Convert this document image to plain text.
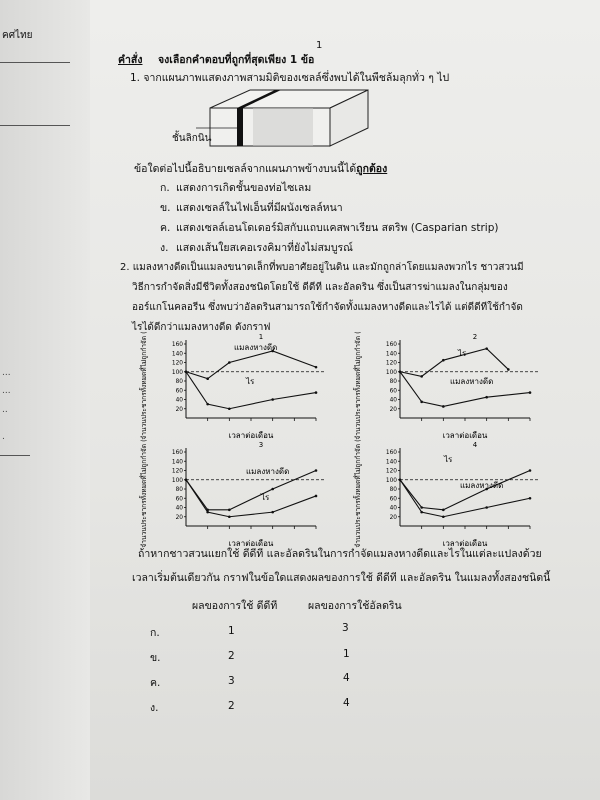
คศไทย
...
...
..
.
1
คำสั่ง จงเลือกคำตอบที่ถูกที่สุดเพียง 1 ข้อ
1. จากแผนภาพแสดงภาพสามมิติของเซลล์ซึ่งพบได้ในพืชล้มลุกทั่ว ๆ ไป
ชั้นลิกนิน
ข้อใดต่อไปนี้อธิบายเซลล์จากแผนภาพข้างบนนี้ได้ถูกต้อง
ก. แสดงการเกิดชั้นของท่อไซเลม
ข. แสดงเซลล์ในไฟเอ็นที่มีผนังเซลล์หนา
ค. แสดงเซลล์เอนโดเดอร์มิสกับแถบแคสพาเรียน สตริพ (Casparian strip)
ง. แสดงเส้นใยสเคอเรงคิมาที่ยังไม่สมบูรณ์
2. แมลงหางดีดเป็นแมลงขนาดเล็กที่พบอาศัยอยู่ในดิน และมักถูกล่าโดยแมลงพวกไร ชาวสวนมี
วิธีการกำจัดสิ่งมีชีวิตทั้งสองชนิดโดยใช้ ดีดีที และอัลดริน ซึ่งเป็นสารฆ่าแมลงในกลุ่มของ
ออร์แกโนคลอรีน ซึ่งพบว่าอัลดรินสามารถใช้กำจัดทั้งแมลงหางดีดและไรได้ แต่ดีดีทีใช้กำจัด
ไรได้ดีกว่าแมลงหางดีด ดังกราฟ
1
20
40
60
80
100
120
140
160
เวลาต่อเดือน
จำนวนประชากรทั้งหมดที่ไม่ถูกกำจัด (%)	แมลงหางดีด
ไร
2
20
40
60
80
100
120
140
160
เวลาต่อเดือน
จำนวนประชากรทั้งหมดที่ไม่ถูกกำจัด (%)	ไร
แมลงหางดีด
3
20
40
60
80
100
120
140
160
เวลาต่อเดือน
จำนวนประชากรทั้งหมดที่ไม่ถูกกำจัด (%)	แมลงหางดีด
ไร
4
20
40
60
80
100
120
140
160
เวลาต่อเดือน
จำนวนประชากรทั้งหมดที่ไม่ถูกกำจัด (%)	ไร
แมลงหางดีด
ถ้าหากชาวสวนแยกใช้ ดีดีที และอัลดรินในการกำจัดแมลงหางดีดและไรในแต่ละแปลงด้วย
เวลาเริ่มต้นเดียวกัน กราฟในข้อใดแสดงผลของการใช้ ดีดีที และอัลดริน ในแมลงทั้งสองชนิดนี้
ผลของการใช้ ดีดีที	ผลของการใช้อัลดริน
ก.	1	3
ข.	2	1
ค.	3	4
ง.	2	4
